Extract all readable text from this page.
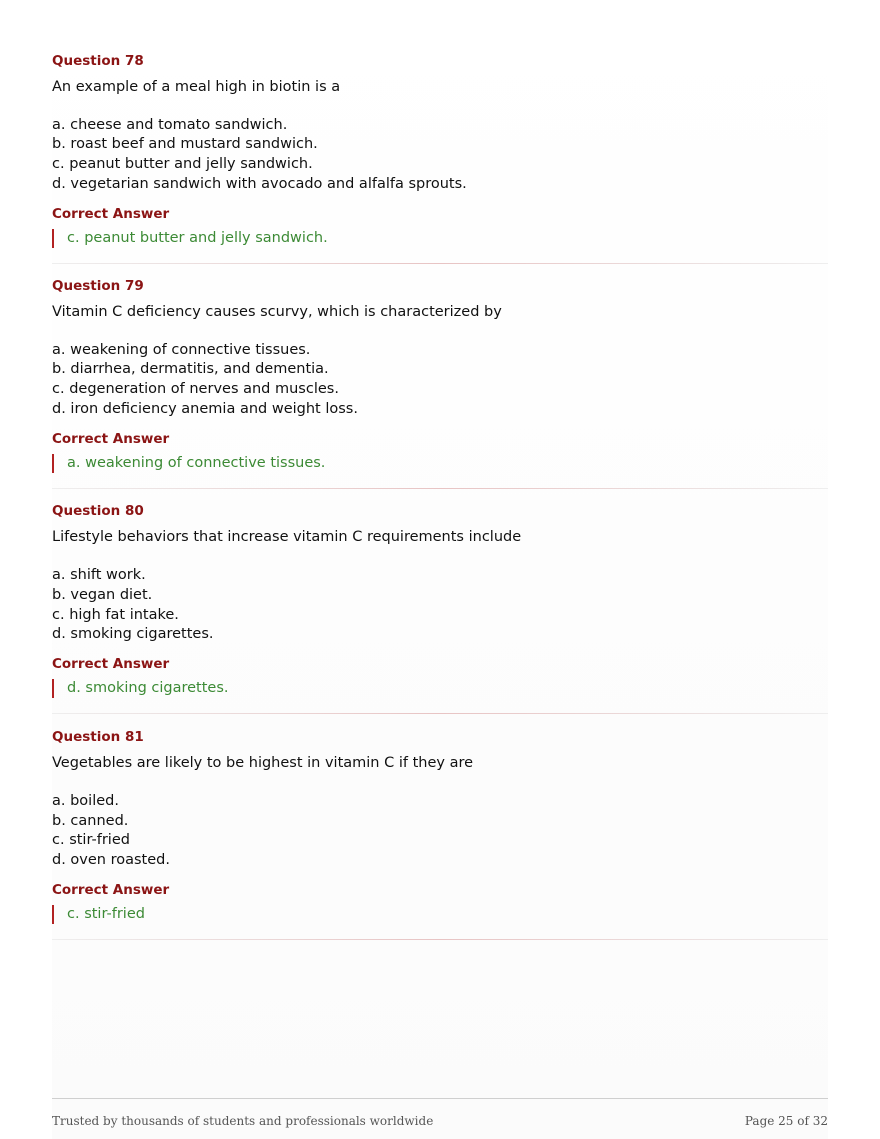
Question 78
An example of a meal high in biotin is a
a. cheese and tomato sandwich.
b. roast beef and mustard sandwich.
c. peanut butter and jelly sandwich.
d. vegetarian sandwich with avocado and alfalfa sprouts.
Correct Answer
c. peanut butter and jelly sandwich.
Question 79
Vitamin C deficiency causes scurvy, which is characterized by
a. weakening of connective tissues.
b. diarrhea, dermatitis, and dementia.
c. degeneration of nerves and muscles.
d. iron deficiency anemia and weight loss.
Correct Answer
a. weakening of connective tissues.
Question 80
Lifestyle behaviors that increase vitamin C requirements include
a. shift work.
b. vegan diet.
c. high fat intake.
d. smoking cigarettes.
Correct Answer
d. smoking cigarettes.
Question 81
Vegetables are likely to be highest in vitamin C if they are
a. boiled.
b. canned.
c. stir-fried
d. oven roasted.
Correct Answer
c. stir-fried
Trusted by thousands of students and professionals worldwide	Page 25 of 32
